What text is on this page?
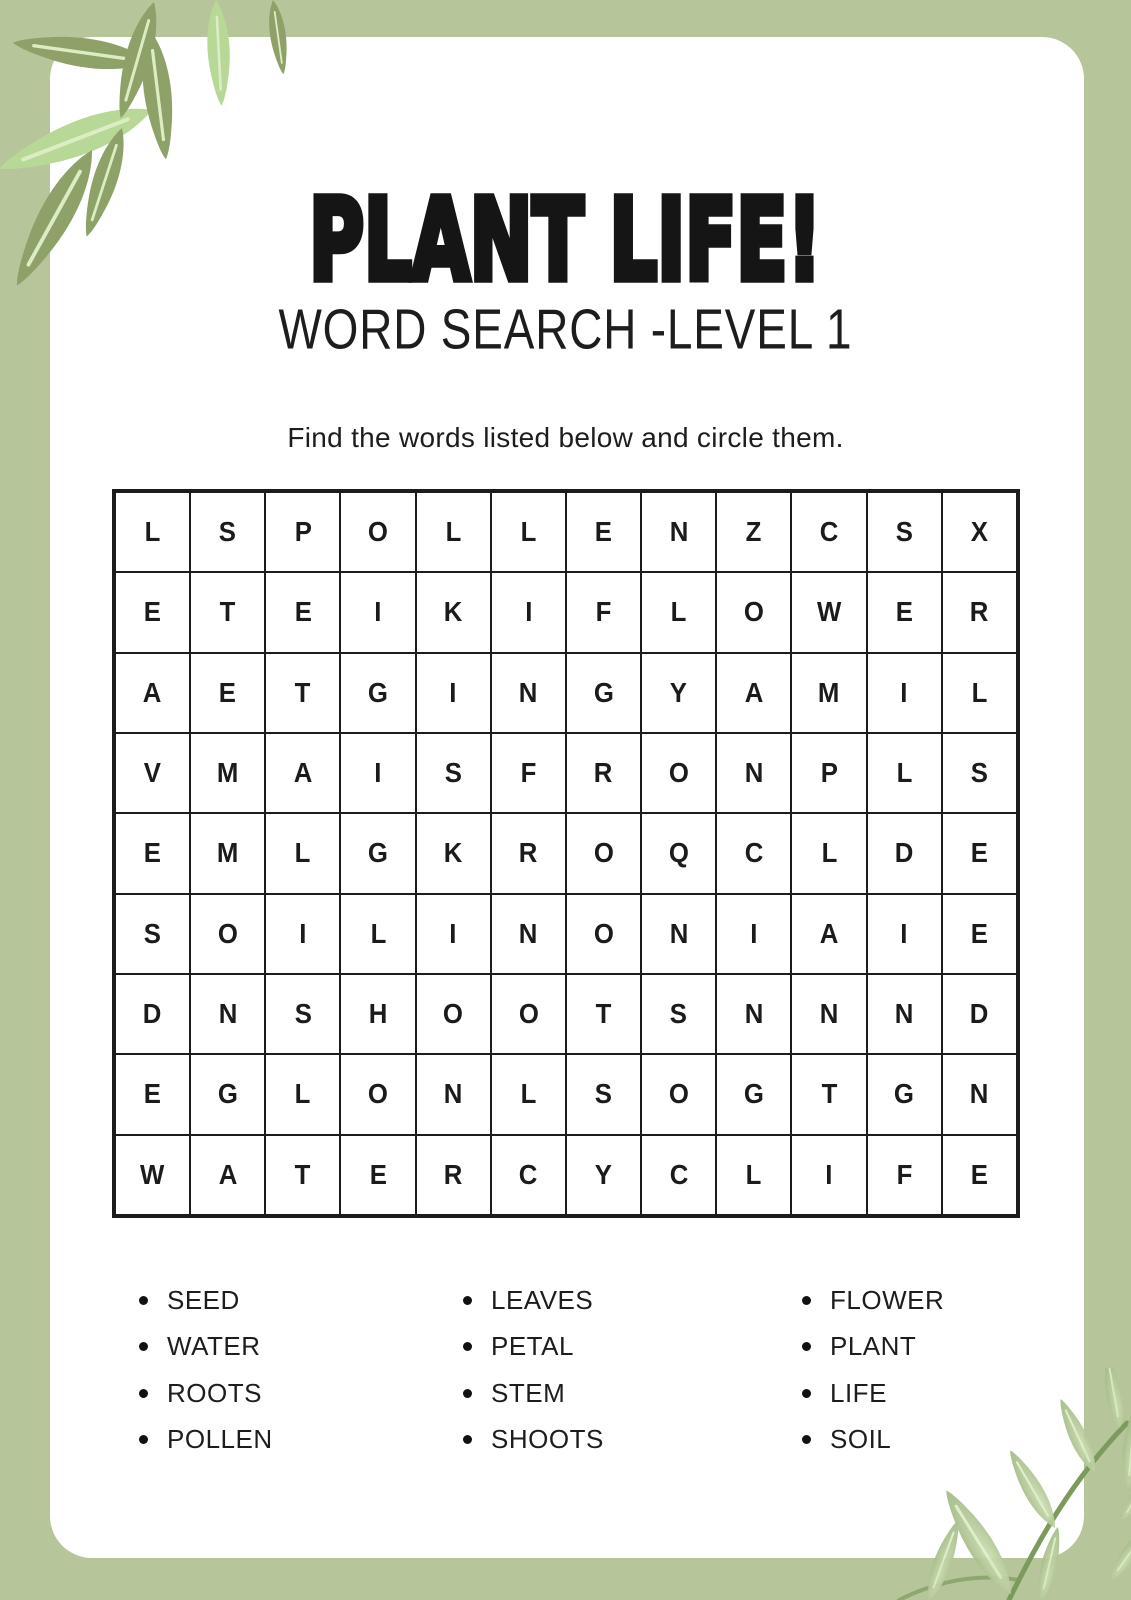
PLANT LIFE!
WORD SEARCH -LEVEL 1
Find the words listed below and circle them.
L S P O L L E N Z C S X
E T E I K I F L O W E R
A E T G I N G Y A M I L
V M A I S F R O N P L S
E M L G K R O Q C L D E
S O I L I N O N I A I E
D N S H O O T S N N N D
E G L O N L S O G T G N
W A T E R C Y C L I F E
SEED
WATER
ROOTS
POLLEN
LEAVES
PETAL
STEM
SHOOTS
FLOWER
PLANT
LIFE
SOIL
